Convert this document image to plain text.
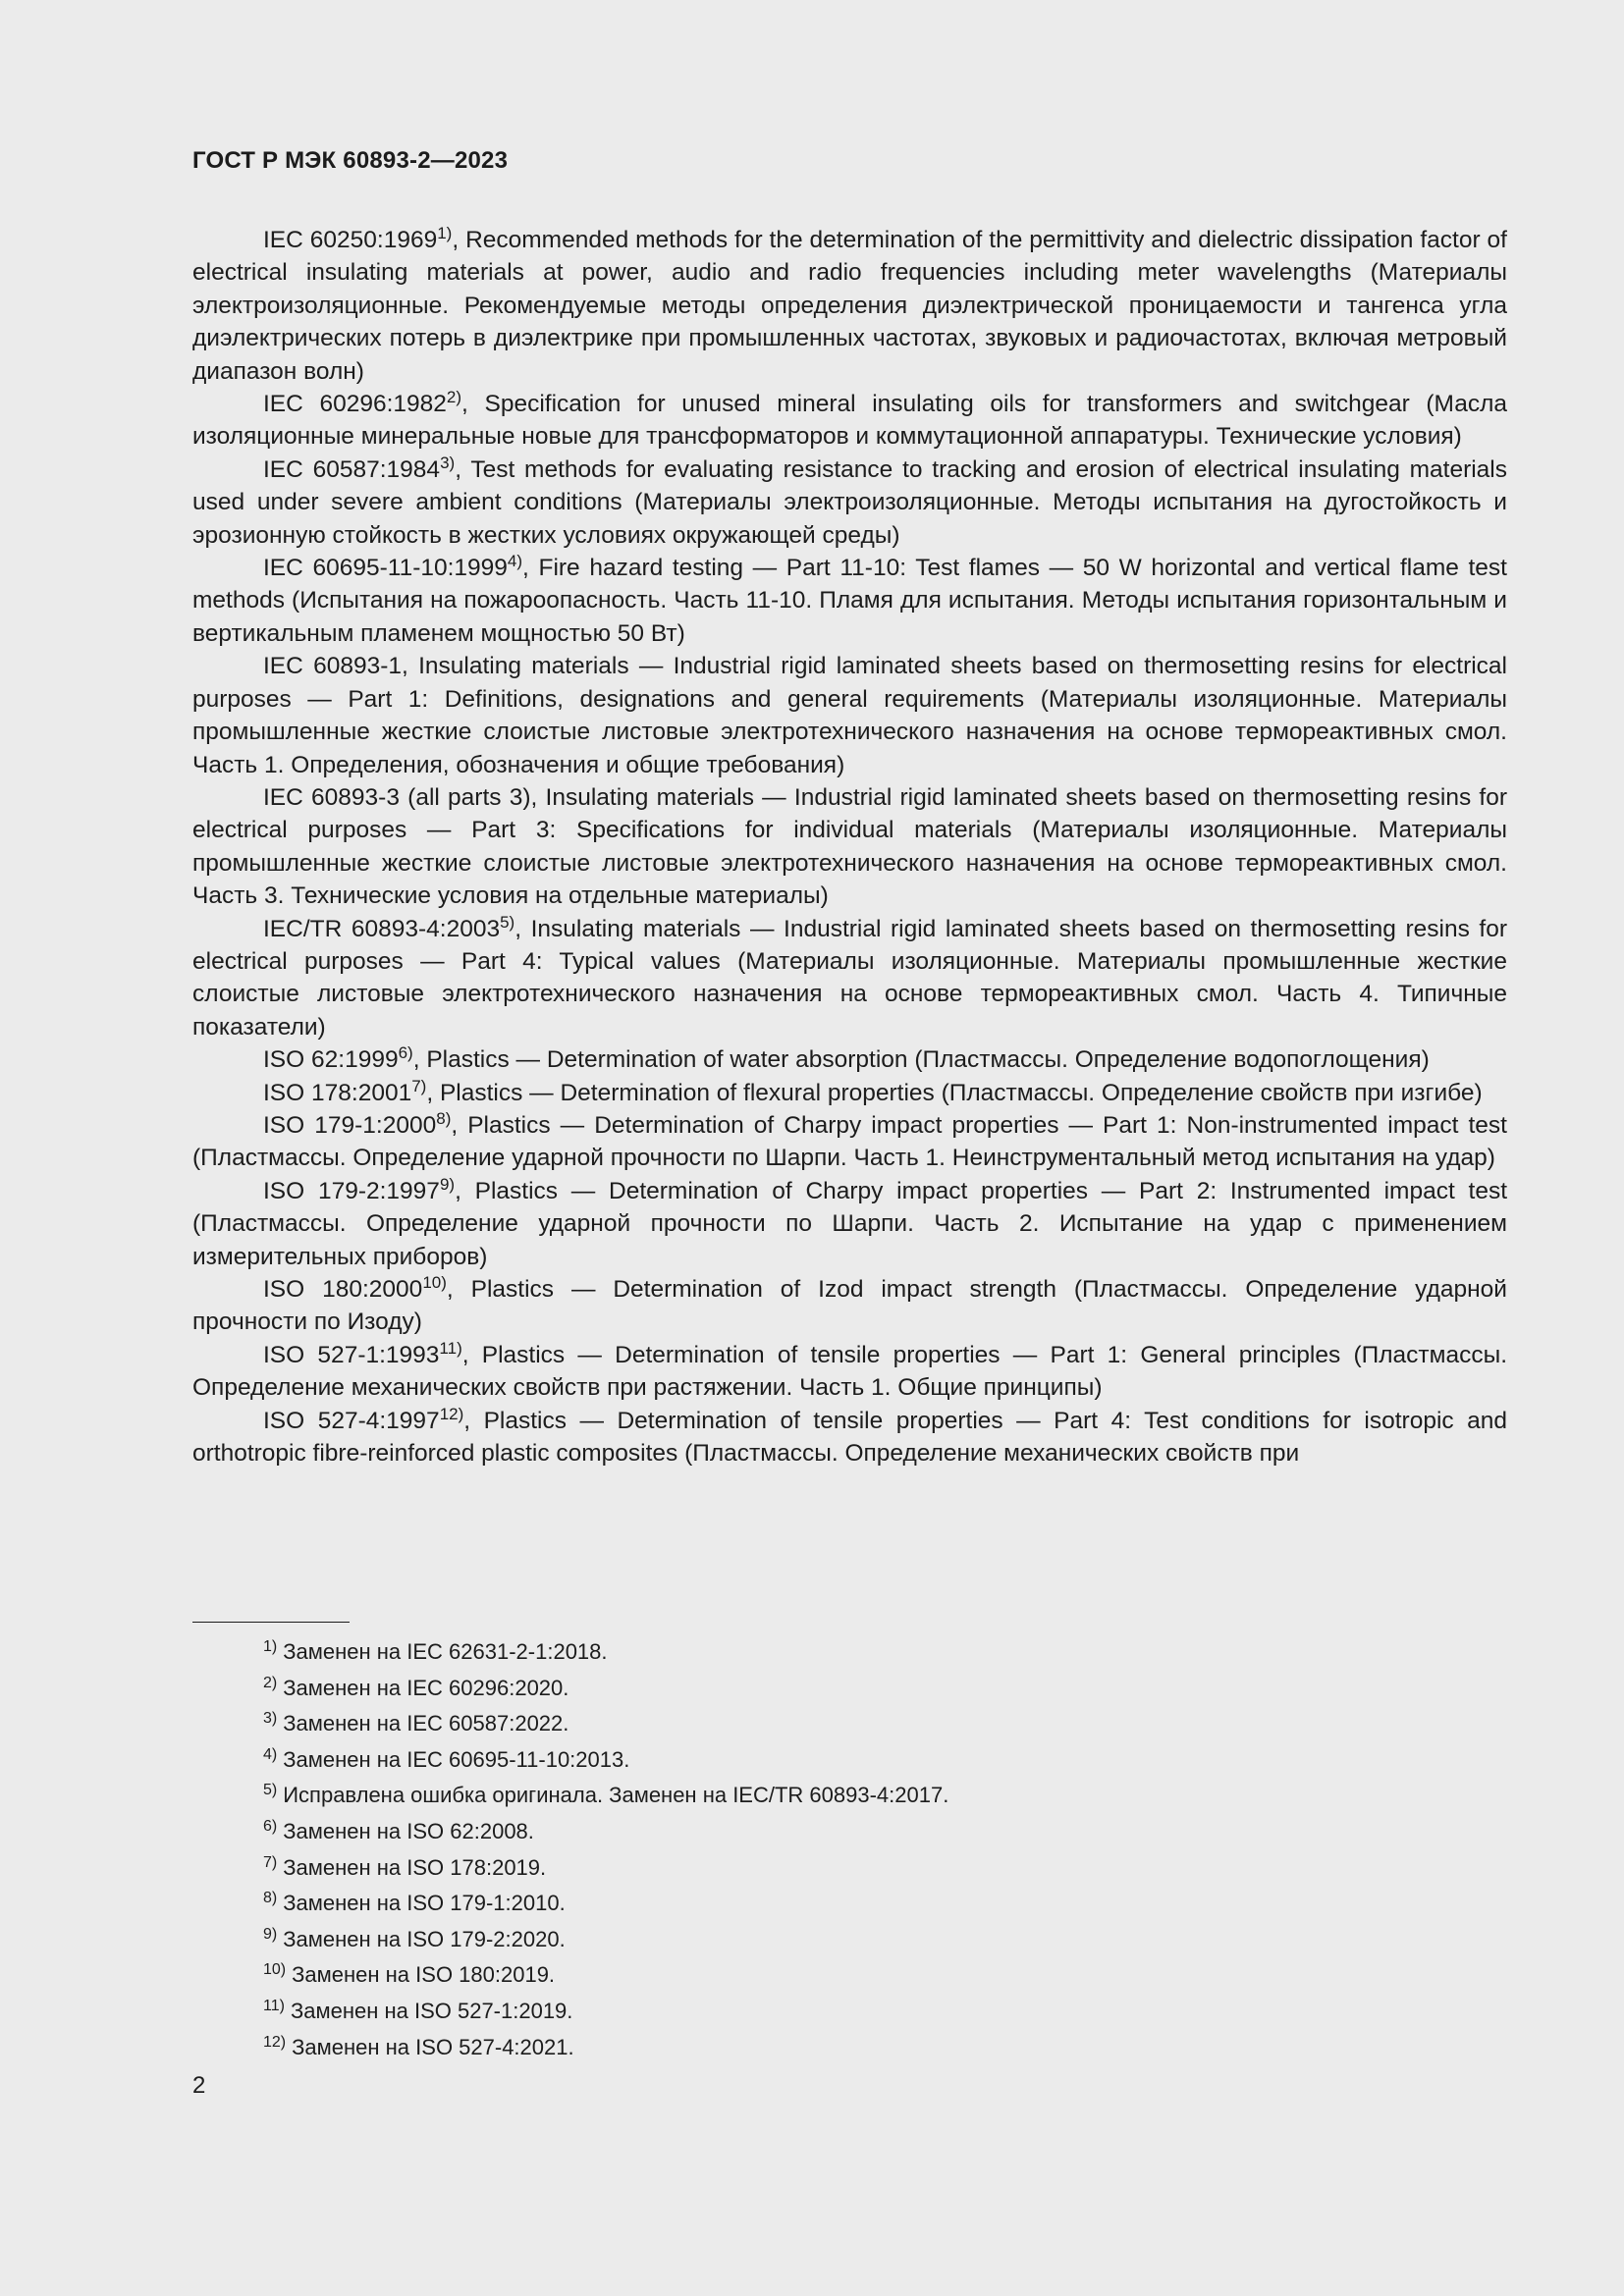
ГОСТ Р МЭК 60893-2—2023

IEC 60250:1969$^{1)}$, Recommended methods for the determination of the permittivity and dielectric dissipation factor of electrical insulating materials at power, audio and radio frequencies including meter wavelengths (Материалы электроизоляционные. Рекомендуемые методы определения диэлектрической проницаемости и тангенса угла диэлектрических потерь в диэлектрике при промышленных частотах, звуковых и радиочастотах, включая метровый диапазон волн)

IEC 60296:1982$^{2)}$, Specification for unused mineral insulating oils for transformers and switchgear (Масла изоляционные минеральные новые для трансформаторов и коммутационной аппаратуры. Технические условия)

IEC 60587:1984$^{3)}$, Test methods for evaluating resistance to tracking and erosion of electrical insulating materials used under severe ambient conditions (Материалы электроизоляционные. Методы испытания на дугостойкость и эрозионную стойкость в жестких условиях окружающей среды)

IEC 60695-11-10:1999$^{4)}$, Fire hazard testing — Part 11-10: Test flames — 50 W horizontal and vertical flame test methods (Испытания на пожароопасность. Часть 11-10. Пламя для испытания. Методы испытания горизонтальным и вертикальным пламенем мощностью 50 Вт)

IEC 60893-1, Insulating materials — Industrial rigid laminated sheets based on thermosetting resins for electrical purposes — Part 1: Definitions, designations and general requirements (Материалы изоляционные. Материалы промышленные жесткие слоистые листовые электротехнического назначения на основе термореактивных смол. Часть 1. Определения, обозначения и общие требования)

IEC 60893-3 (all parts 3), Insulating materials — Industrial rigid laminated sheets based on thermosetting resins for electrical purposes — Part 3: Specifications for individual materials (Материалы изоляционные. Материалы промышленные жесткие слоистые листовые электротехнического назначения на основе термореактивных смол. Часть 3. Технические условия на отдельные материалы)

IEC/TR 60893-4:2003$^{5)}$, Insulating materials — Industrial rigid laminated sheets based on thermosetting resins for electrical purposes — Part 4: Typical values (Материалы изоляционные. Материалы промышленные жесткие слоистые листовые электротехнического назначения на основе термореактивных смол. Часть 4. Типичные показатели)

ISO 62:1999$^{6)}$, Plastics — Determination of water absorption (Пластмассы. Определение водопоглощения)

ISO 178:2001$^{7)}$, Plastics — Determination of flexural properties (Пластмассы. Определение свойств при изгибе)

ISO 179-1:2000$^{8)}$, Plastics — Determination of Charpy impact properties — Part 1: Non-instrumented impact test (Пластмассы. Определение ударной прочности по Шарпи. Часть 1. Неинструментальный метод испытания на удар)

ISO 179-2:1997$^{9)}$, Plastics — Determination of Charpy impact properties — Part 2: Instrumented impact test (Пластмассы. Определение ударной прочности по Шарпи. Часть 2. Испытание на удар с применением измерительных приборов)

ISO 180:2000$^{10)}$, Plastics — Determination of Izod impact strength (Пластмассы. Определение ударной прочности по Изоду)

ISO 527-1:1993$^{11)}$, Plastics — Determination of tensile properties — Part 1: General principles (Пластмассы. Определение механических свойств при растяжении. Часть 1. Общие принципы)

ISO 527-4:1997$^{12)}$, Plastics — Determination of tensile properties — Part 4: Test conditions for isotropic and orthotropic fibre-reinforced plastic composites (Пластмассы. Определение механических свойств при

$^{1)}$ Заменен на IEC 62631-2-1:2018.
$^{2)}$ Заменен на IEC 60296:2020.
$^{3)}$ Заменен на IEC 60587:2022.
$^{4)}$ Заменен на IEC 60695-11-10:2013.
$^{5)}$ Исправлена ошибка оригинала. Заменен на IEC/TR 60893-4:2017.
$^{6)}$ Заменен на ISO 62:2008.
$^{7)}$ Заменен на ISO 178:2019.
$^{8)}$ Заменен на ISO 179-1:2010.
$^{9)}$ Заменен на ISO 179-2:2020.
$^{10)}$ Заменен на ISO 180:2019.
$^{11)}$ Заменен на ISO 527-1:2019.
$^{12)}$ Заменен на ISO 527-4:2021.
2
